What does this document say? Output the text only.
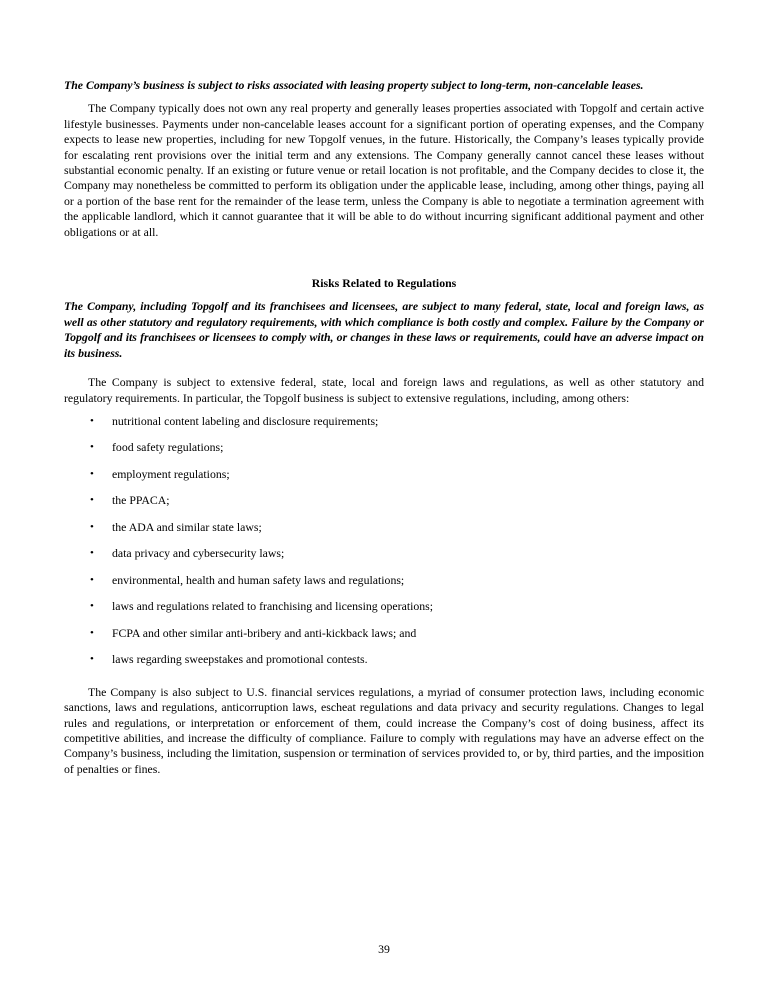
The Company’s business is subject to risks associated with leasing property subject to long-term, non-cancelable leases.

The Company typically does not own any real property and generally leases properties associated with Topgolf and certain active lifestyle businesses. Payments under non-cancelable leases account for a significant portion of operating expenses, and the Company expects to lease new properties, including for new Topgolf venues, in the future. Historically, the Company’s leases typically provide for escalating rent provisions over the initial term and any extensions. The Company generally cannot cancel these leases without substantial economic penalty. If an existing or future venue or retail location is not profitable, and the Company decides to close it, the Company may nonetheless be committed to perform its obligation under the applicable lease, including, among other things, paying all or a portion of the base rent for the remainder of the lease term, unless the Company is able to negotiate a termination agreement with the applicable landlord, which it cannot guarantee that it will be able to do without incurring significant additional payment and other obligations or at all.

Risks Related to Regulations

The Company, including Topgolf and its franchisees and licensees, are subject to many federal, state, local and foreign laws, as well as other statutory and regulatory requirements, with which compliance is both costly and complex. Failure by the Company or Topgolf and its franchisees or licensees to comply with, or changes in these laws or requirements, could have an adverse impact on its business.

The Company is subject to extensive federal, state, local and foreign laws and regulations, as well as other statutory and regulatory requirements. In particular, the Topgolf business is subject to extensive regulations, including, among others:

• nutritional content labeling and disclosure requirements;
• food safety regulations;
• employment regulations;
• the PPACA;
• the ADA and similar state laws;
• data privacy and cybersecurity laws;
• environmental, health and human safety laws and regulations;
• laws and regulations related to franchising and licensing operations;
• FCPA and other similar anti-bribery and anti-kickback laws; and
• laws regarding sweepstakes and promotional contests.

The Company is also subject to U.S. financial services regulations, a myriad of consumer protection laws, including economic sanctions, laws and regulations, anticorruption laws, escheat regulations and data privacy and security regulations. Changes to legal rules and regulations, or interpretation or enforcement of them, could increase the Company’s cost of doing business, affect its competitive abilities, and increase the difficulty of compliance. Failure to comply with regulations may have an adverse effect on the Company’s business, including the limitation, suspension or termination of services provided to, or by, third parties, and the imposition of penalties or fines.

39
